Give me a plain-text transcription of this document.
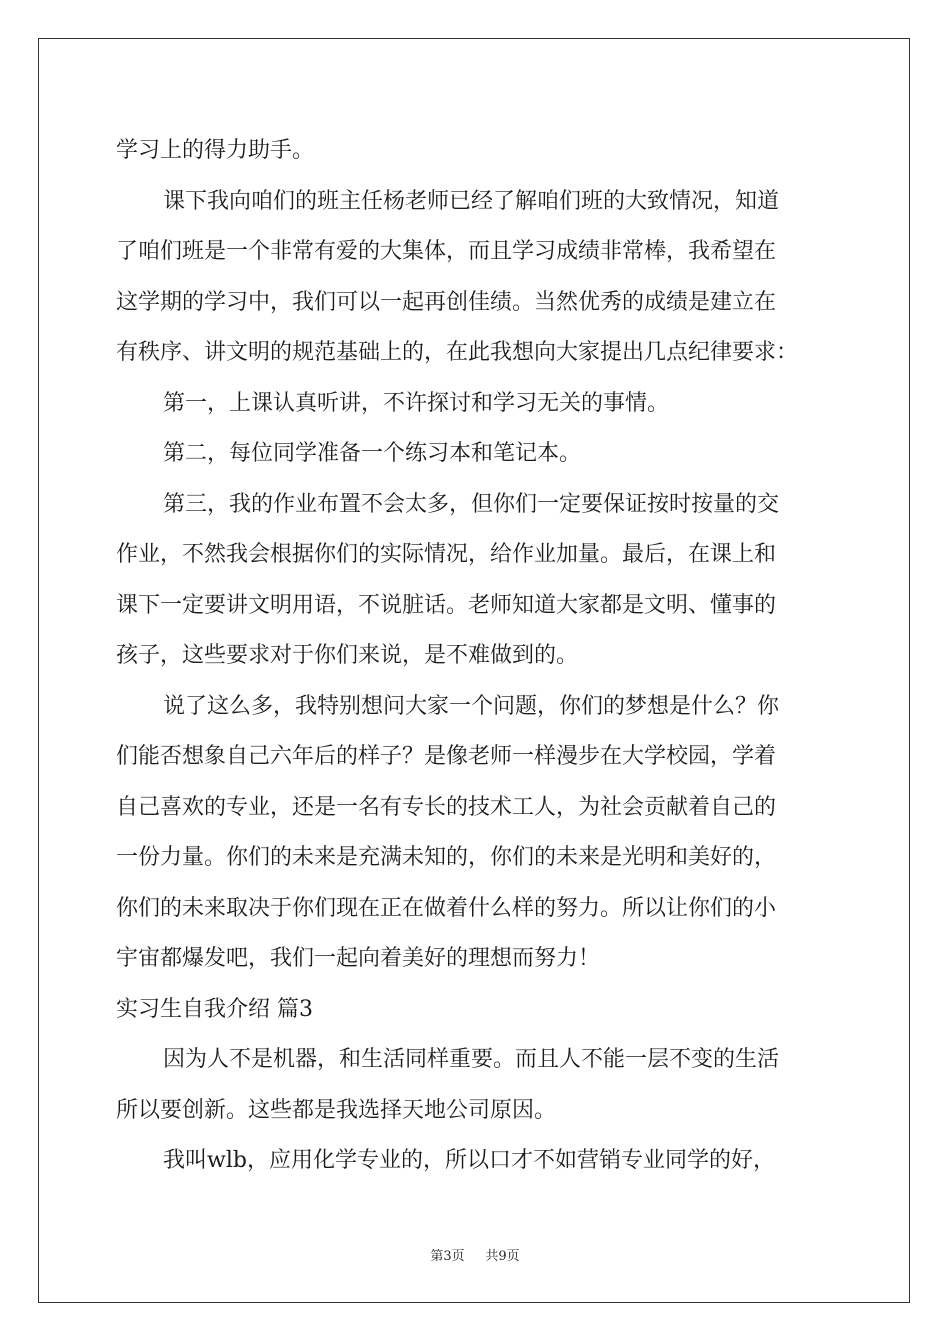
学习上的得力助手。
课下我向咱们的班主任杨老师已经了解咱们班的大致情况，知道
了咱们班是一个非常有爱的大集体，而且学习成绩非常棒，我希望在
这学期的学习中，我们可以一起再创佳绩。当然优秀的成绩是建立在
有秩序、讲文明的规范基础上的，在此我想向大家提出几点纪律要求：
第一，上课认真听讲，不许探讨和学习无关的事情。
第二，每位同学准备一个练习本和笔记本。
第三，我的作业布置不会太多，但你们一定要保证按时按量的交
作业，不然我会根据你们的实际情况，给作业加量。最后，在课上和
课下一定要讲文明用语，不说脏话。老师知道大家都是文明、懂事的
孩子，这些要求对于你们来说，是不难做到的。
说了这么多，我特别想问大家一个问题，你们的梦想是什么？你
们能否想象自己六年后的样子？是像老师一样漫步在大学校园，学着
自己喜欢的专业，还是一名有专长的技术工人，为社会贡献着自己的
一份力量。你们的未来是充满未知的，你们的未来是光明和美好的，
你们的未来取决于你们现在正在做着什么样的努力。所以让你们的小
宇宙都爆发吧，我们一起向着美好的理想而努力！
实习生自我介绍 篇3
因为人不是机器，和生活同样重要。而且人不能一层不变的生活
所以要创新。这些都是我选择天地公司原因。
我叫wlb，应用化学专业的，所以口才不如营销专业同学的好，
第3页 共9页
